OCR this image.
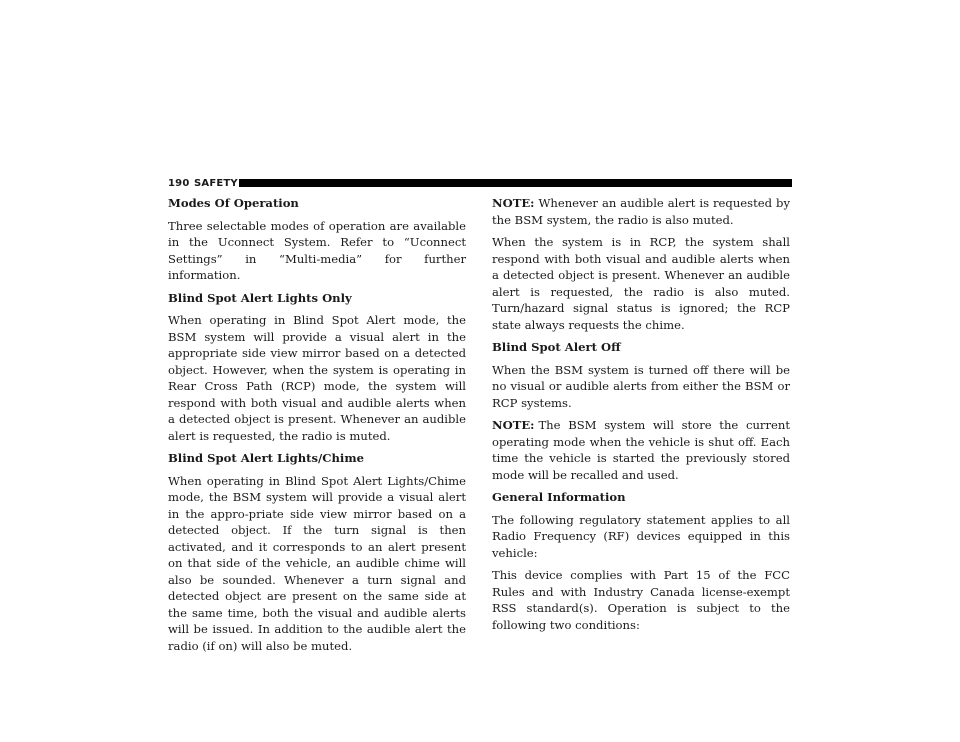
190 SAFETY
Modes Of Operation

Three selectable modes of operation are available in the Uconnect System. Refer to “Uconnect Settings” in “Multi-media” for further information.

Blind Spot Alert Lights Only

When operating in Blind Spot Alert mode, the BSM system will provide a visual alert in the appropriate side view mirror based on a detected object. However, when the system is operating in Rear Cross Path (RCP) mode, the system will respond with both visual and audible alerts when a detected object is present. Whenever an audible alert is requested, the radio is muted.

Blind Spot Alert Lights/Chime

When operating in Blind Spot Alert Lights/Chime mode, the BSM system will provide a visual alert in the appro-priate side view mirror based on a detected object. If the turn signal is then activated, and it corresponds to an alert present on that side of the vehicle, an audible chime will also be sounded. Whenever a turn signal and detected object are present on the same side at the same time, both the visual and audible alerts will be issued. In addition to the audible alert the radio (if on) will also be muted.

NOTE: Whenever an audible alert is requested by the BSM system, the radio is also muted.

When the system is in RCP, the system shall respond with both visual and audible alerts when a detected object is present. Whenever an audible alert is requested, the radio is also muted. Turn/hazard signal status is ignored; the RCP state always requests the chime.

Blind Spot Alert Off

When the BSM system is turned off there will be no visual or audible alerts from either the BSM or RCP systems.

NOTE: The BSM system will store the current operating mode when the vehicle is shut off. Each time the vehicle is started the previously stored mode will be recalled and used.

General Information

The following regulatory statement applies to all Radio Frequency (RF) devices equipped in this vehicle:

This device complies with Part 15 of the FCC Rules and with Industry Canada license-exempt RSS standard(s). Operation is subject to the following two conditions:
